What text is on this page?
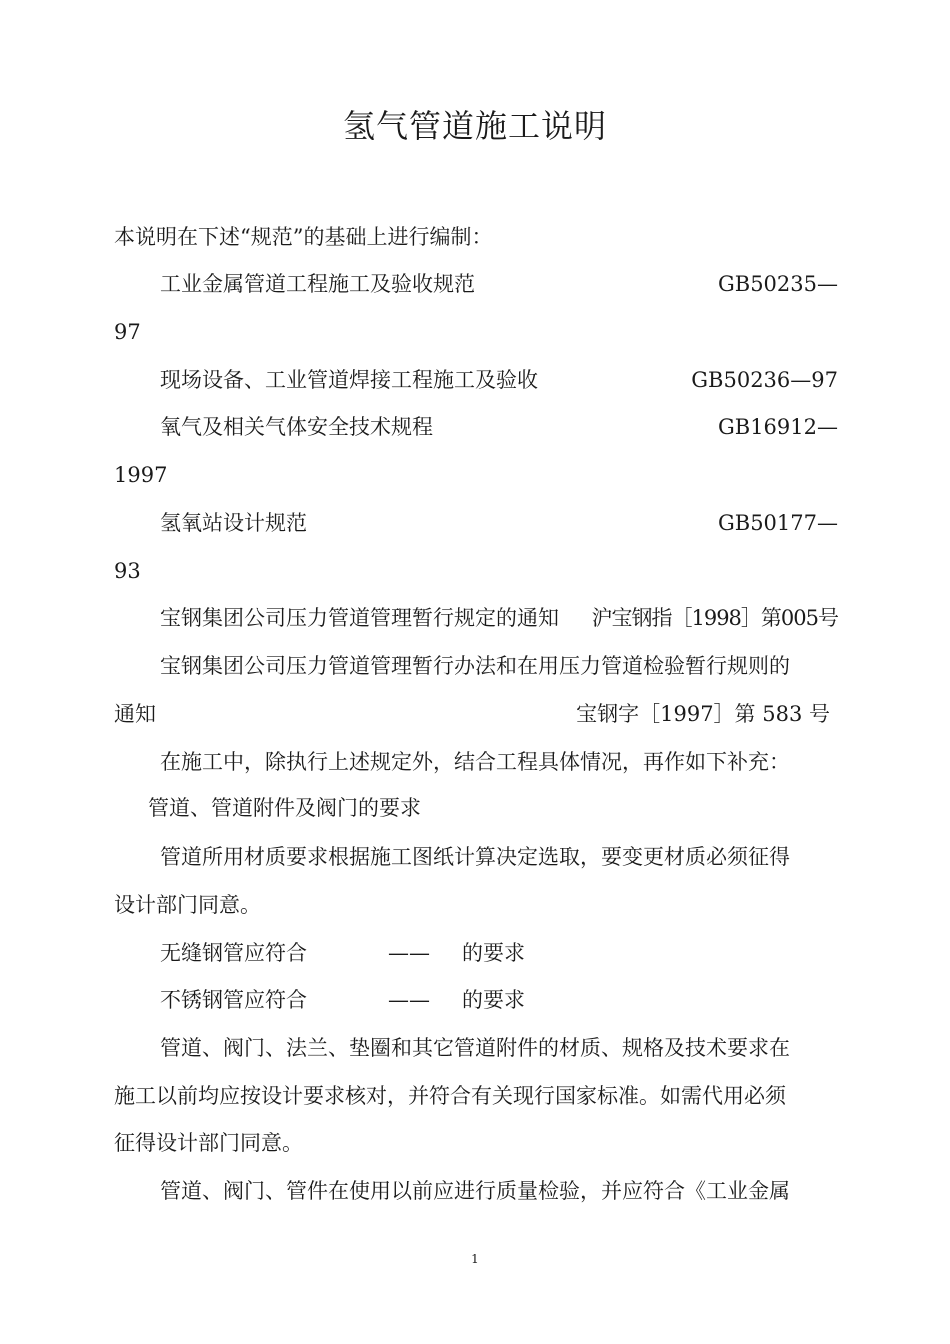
氢气管道施工说明
本说明在下述“规范”的基础上进行编制：
工业金属管道工程施工及验收规范	GB50235—
97
现场设备、工业管道焊接工程施工及验收	GB50236—97
氧气及相关气体安全技术规程	GB16912—
1997
氢氧站设计规范	GB50177—
93
宝钢集团公司压力管道管理暂行规定的通知 沪宝钢指［1998］第005号
宝钢集团公司压力管道管理暂行办法和在用压力管道检验暂行规则的
通知	宝钢字［1997］第 583 号
在施工中，除执行上述规定外，结合工程具体情况，再作如下补充：
管道、管道附件及阀门的要求
管道所用材质要求根据施工图纸计算决定选取，要变更材质必须征得
设计部门同意。
无缝钢管应符合	—— 的要求
不锈钢管应符合	—— 的要求
管道、阀门、法兰、垫圈和其它管道附件的材质、规格及技术要求在
施工以前均应按设计要求核对，并符合有关现行国家标准。如需代用必须
征得设计部门同意。
管道、阀门、管件在使用以前应进行质量检验，并应符合《工业金属
1
